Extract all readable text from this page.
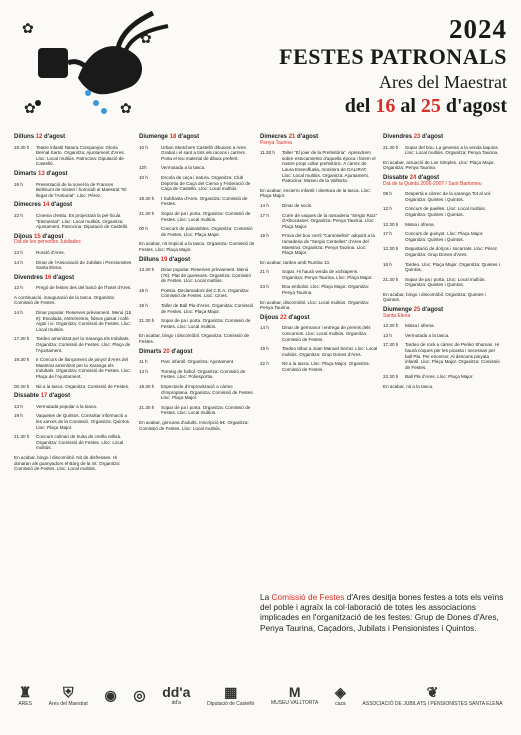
✿
✿
✿
✿
2024
FESTES PATRONALS
Ares del Maestrat
del 16 al 25 d'agost
Dilluns 12 d'agost
18.30 h	Teatre infantil Natura Companyia: Gloria Bernal Sarto. Organitza: Ajuntament d'Ares. Lloc: Local multiús. Patrocina: Diputació de Castelló.
Dimarts 13 d'agost
19 h	Presentació de la novel·la de Frances Bellmunt de misteri i homicidi al Maestrat “El llegat de l'Antiurial”. Lloc: Pérez.
Dimecres 14 d'agost
22 h	Cinema d'estiu. Es projectarà la pel·lícula “Elemental”. Lloc: Local multiús. Organitza: Ajuntament. Patrocina: Diputació de Castelló.
Dijous 15 d'agost
Dia de les persones Jubilades
13 h	Rondó d'Ares.
14 h	Dinar de l'Associació de Jubilats i Pensionistes Santa Elena.
Divendres 16 d'agost
12 h	Pregó de festes des del balcó de l'hotel d'Ares.
A continuació, inauguració de la tasca. Organitza: Comissió de Festes.
14 h	Dinar popular. Reserves prèviament. Menú (15 €): Escalada, entremesos, fideus guisat i café. Aigüí i vi. Organitza: Comissió de Festes. Lloc: Local multiús.
17.30 h	Tardeo amenitzat per la Xaranga els Indultats. Organitza: Comissió de Festes. Lloc: Plaça de l'Ajuntament.
19.30 h	II Concurs de llançament de pinyol d'Ares del Maestrat amenitzat per la Xaranga els Indultats. Organitza: Comissió de Festes. Lloc: Plaça de l'Ajuntament.
00.30 h	Nit a la tasca. Organitza: Comissió de Festes.
Dissabte 17 d'agost
13 h	Vermutada popular a la tasca.
19 h	Vaquetes de Quintos. Consultar informació a les xarxes de la Comissió. Organitza: Quintos. Lloc: Plaça Major.
21.30 h	Concurs culinari de truita de creïlla rellisà. Organitza: Comissió de Festes. Lloc: Local multiús.
En acabar, bingo i discomòbil. Nit de disfresses. Hi donaran als guanyadors el Barg de la nit. Organitza: Comissió de Festes. Lloc: Local multiús.
Diumenge 18 d'agost
10 h	Urban Sketchers Castelló dibuixen a Ares. Grabat i el sant a tots els racons i carrers. Porta el teu material de dibuix preferit.
12h	Vermutada a la tasca.
10 h	Escola de caça i natura. Organitza: Club Deportiu de Caça del Cierva y Federació de Caça de Castelló. Lloc: Local multiús.
18.30 h	I Subhasta d'Ares. Organitza: Comissió de Festes.
21.30 h	Sopar de pa i porta. Organitza: Comissió de Festes. Lloc: Local multiús.
00 h	Concurs de paisalobles. Organitza: Comissió de Festes. Lloc: Plaça Major.
En acabar, nit tropical a la tasca. Organitza: Comissió de Festes. Lloc: Plaça Major.
Dilluns 19 d'agost
13.30 h	Dinar popular. Reserves prèviament. Menú (7€): Plat de quessoes. Organitza: Comissió de Festes. Lloc: Local multiús.
18 h	Poesia. Declamadors del C.E.A. Organitza: Comissió de Festes. Lloc: Cines.
19 h	Taller de Ball Pla d'Ares. Organitza: Comissió de Festes. Lloc: Plaça Major.
21.30 h	Sopar de pa i porta. Organitza: Comissió de Festes. Lloc: Local multiús.
En acabar, bingo i discomòbil. Organitza: Comissió de Festes.
Dimarts 20 d'agost
11 h	Parc infantil. Organitza: Ajuntament.
13 h	Torneig de futbol. Organitza: Comissió de Festes. Lloc: Poliesportiu.
18.30 h	Espectacle d'improvització a càrrec d'improplana. Organitza: Comissió de Festes. Lloc: Plaça Major.
21.30 h	Sopar de pa i porta. Organitza: Comissió de Festes. Lloc: Local multiús.
En acabar, gimcana d'adults. Inscripció 5€. Organitza: Comissió de Festes. Lloc: Local multiús.
Dimecres 21 d'agost
Penya Taurina
11.30 h	Taller “El joier de la Prehistòria”. Aprendrem sobre estocamiento d'aquella època i farem el nostre propi collar prehistòric. A càrrec de Laura Esseoffuela, monitora de GALIRAT. Lloc: Local multiús. Organitza: Ajuntament. Patrocina: Museu de la Valltorta.
En acabar, encierro infantil i obertura de la tasca. Lloc: Plaça Major.
14 h	Dinar de socis.
17 h	Corre de vaques de la ramaderia “Sergio Ruiz” d'Albocàsser. Organitza: Penya Taurina. Lloc: Plaça Major.
19 h	Prova del bou cerril “Cantosellos” adquirit a la ramaderia de “Sergio Centelles” d'Ares del Maestrat. Organitza: Penya Taurina. Lloc: Plaça Major.
En acabar, tardeo amb Rumba 13.
21 h	Sopar. Hi haurà venda de xichiapens. Organitza: Penya Taurina. Lloc: Plaça Major.
23 h	Bou embolat. Lloc: Plaça Major. Organitza: Penya Taurina.
En acabar, discomòbil. Lloc: Local multiús. Organitza: Penya Taurina.
Dijous 22 d'agost
14 h	Dinar de germanor i entrega de premis dels concursos. Lloc: Local multiús. Organitza: Comissió de Festes.
19 h	Tardeo tribut a Joan Manuel Serrat. Lloc: Local multiús. Organitza: Grup Dones d'Ares.
22 h	Nit a la tasca. Lloc: Plaça Major. Organitza: Comissió de Festes.
Divendres 23 d'agost
21.30 h	Sopar del bou. La geveran a la venda taquins. Lloc: Local multiús. Organitza: Penya Taurina.
En acabar, actuació de Los Simples. Lloc: Plaça Major. Organitza: Penya Taurina.
Dissabte 24 d'agost
Dia de la Quinta 2006-2007 / Sant Bartomeu
09 h	Despertà a càrrec de la xaranga Tot al vol. Organitza: Quintes i Quintos.
12 h	Concurs de paelles. Lloc: Local multiús. Organitza: Quintes i Quintos.
12.30 h	Missa i ofrena.
17 h	Concurs de guinyot. Lloc: Plaça Major. Organitza: Quintes i Quintos.
12.30 h	Degustació de dolços i socarrats. Lloc: Pèrez. Organitza: Grup Dones d'Ares.
16 h	Tardeo. Lloc: Plaça Major. Organitza: Quintes i Quintos.
21.30 h	Sopar de pa i porta. Lloc: Local multiús. Organitza: Quintes i Quintos.
En acabar, bingo i discomòbil. Organitza: Quintes i Quintos.
Diumenge 25 d'agost
Santa Elena
12.30 h	Missa i ofrena.
13 h	Vermutada a la tasca.
17.30 h	Tardeo de rock a càrrec de Periko Shaman. Hi haurà coques per les picaeta i necessari per ball Pla. Per encerrar: Al descans pinyata infantil. Lloc: Plaça Major. Organitza: Comissió de Festes.
22.30 h	Ball Pla d'Ares. Lloc: Plaça Major.
En acabar, nit a la tasca.
La Comissió de Festes d'Ares desitja bones festes a tots els veïns del poble i agraïx la col·laboració de totes les associacions implicades en l'organització de les festes: Grup de Dones d'Ares, Penya Taurina, Caçadors, Jubilats i Pensionistes i Quintos.
♜
ARES
⛨
Ares del Maestrat
◉ ◎ dd'a
dd'a
▦
Diputació de Castelló
M
MUSEU VALLTORTA
◈
caza
❦
ASSOCIACIÓ DE JUBILATS I PENSIONISTES SANTA ELENA
